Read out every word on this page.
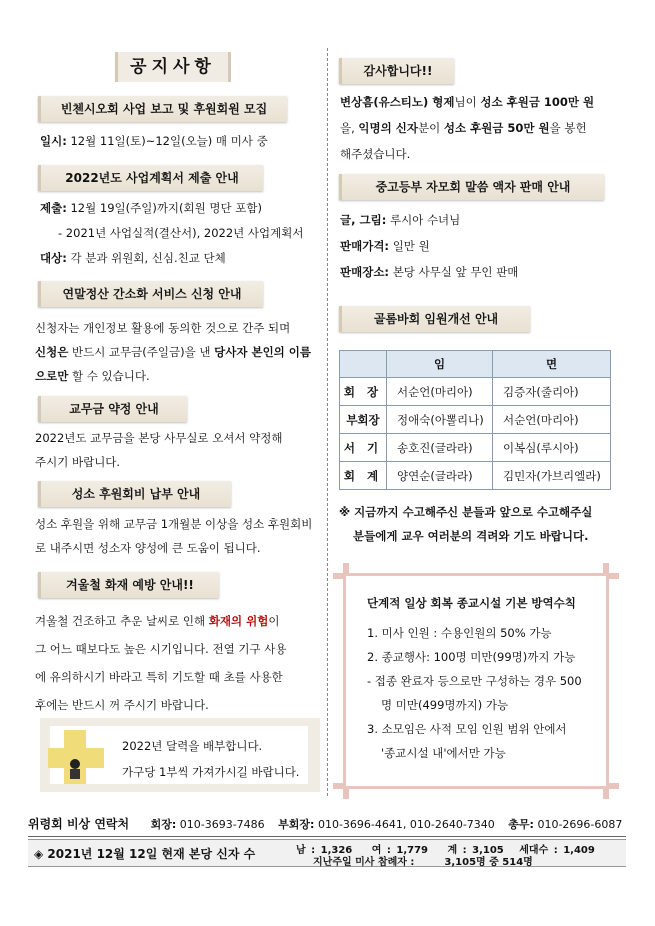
공지사항
빈첸시오회 사업 보고 및 후원회원 모집
일시: 12월 11일(토)~12일(오늘) 매 미사 중
2022년도 사업계획서 제출 안내
제출: 12월 19일(주일)까지(회원 명단 포함)
- 2021년 사업실적(결산서), 2022년 사업계획서
대상: 각 분과 위원회, 신심.친교 단체
연말정산 간소화 서비스 신청 안내
신청자는 개인정보 활용에 동의한 것으로 간주 되며
신청은 반드시 교무금(주일금)을 낸 당사자 본인의 이름
으로만 할 수 있습니다.
교무금 약정 안내
2022년도 교무금을 본당 사무실로 오셔서 약정해
주시기 바랍니다.
성소 후원회비 납부 안내
성소 후원을 위해 교무금 1개월분 이상을 성소 후원회비
로 내주시면 성소자 양성에 큰 도움이 됩니다.
겨울철 화재 예방 안내!!
겨울철 건조하고 추운 날씨로 인해 화재의 위험이
그 어느 때보다도 높은 시기입니다. 전열 기구 사용
에 유의하시기 바라고 특히 기도할 때 초를 사용한
후에는 반드시 꺼 주시기 바랍니다.
2022년 달력을 배부합니다.
가구당 1부씩 가져가시길 바랍니다.
감사합니다!!
변상흠(유스티노) 형제님이 성소 후원금 100만 원
을, 익명의 신자분이 성소 후원금 50만 원을 봉헌
해주셨습니다.
중고등부 자모회 말씀 액자 판매 안내
글, 그림: 루시아 수녀님
판매가격: 일만 원
판매장소: 본당 사무실 앞 무인 판매
골롬바회 임원개선 안내
	임	면
회 장	서순언(마리아)	김증자(줄리아)
부회장	정애숙(아뽈리나)	서순언(마리아)
서 기	송호진(글라라)	이복심(루시아)
회 계	양연순(글라라)	김민자(가브리엘라)
※ 지금까지 수고해주신 분들과 앞으로 수고해주실
분들에게 교우 여러분의 격려와 기도 바랍니다.
단계적 일상 회복 종교시설 기본 방역수칙
1. 미사 인원 : 수용인원의 50% 가능
2. 종교행사: 100명 미만(99명)까지 가능
- 접종 완료자 등으로만 구성하는 경우 500
명 미만(499명까지) 가능
3. 소모임은 사적 모임 인원 범위 안에서
'종교시설 내'에서만 가능
위령회 비상 연락처 회장: 010-3693-7486 부회장: 010-3696-4641, 010-2640-7340 총무: 010-2696-6087
◈ 2021년 12월 12일 현재 본당 신자 수	남 : 1,326 여 : 1,779 계 : 3,105 세대수 : 1,409
지난주일 미사 참례자 :	3,105명 중 514명
